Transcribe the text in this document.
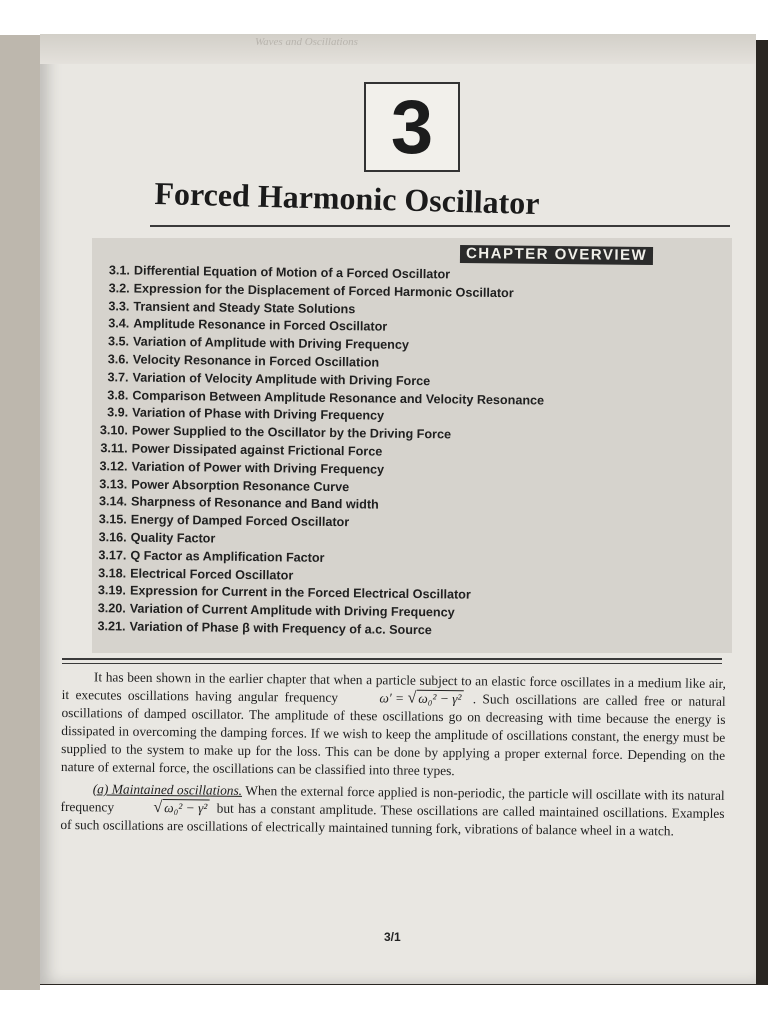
Waves and Oscillations
3
Forced Harmonic Oscillator
CHAPTER OVERVIEW
3.1. Differential Equation of Motion of a Forced Oscillator
3.2. Expression for the Displacement of Forced Harmonic Oscillator
3.3. Transient and Steady State Solutions
3.4. Amplitude Resonance in Forced Oscillator
3.5. Variation of Amplitude with Driving Frequency
3.6. Velocity Resonance in Forced Oscillation
3.7. Variation of Velocity Amplitude with Driving Force
3.8. Comparison Between Amplitude Resonance and Velocity Resonance
3.9. Variation of Phase with Driving Frequency
3.10. Power Supplied to the Oscillator by the Driving Force
3.11. Power Dissipated against Frictional Force
3.12. Variation of Power with Driving Frequency
3.13. Power Absorption Resonance Curve
3.14. Sharpness of Resonance and Band width
3.15. Energy of Damped Forced Oscillator
3.16. Quality Factor
3.17. Q Factor as Amplification Factor
3.18. Electrical Forced Oscillator
3.19. Expression for Current in the Forced Electrical Oscillator
3.20. Variation of Current Amplitude with Driving Frequency
3.21. Variation of Phase β with Frequency of a.c. Source

It has been shown in the earlier chapter that when a particle subject to an elastic force oscillates in a medium like air, it executes oscillations having angular frequency	ω′ = √ ω₀² − γ² . Such oscillations are called free or natural oscillations of damped oscillator. The amplitude of these oscillations go on decreasing with time because the energy is dissipated in overcoming the damping forces. If we wish to keep the amplitude of oscillations constant, the energy must be supplied to the system to make up for the loss. This can be done by applying a proper external force. Depending on the nature of external force, the oscillations can be classified into three types.

(a) Maintained oscillations. When the external force applied is non-periodic, the particle will oscillate with its natural frequency √ ω₀² − γ² but has a constant amplitude. These oscillations are called maintained oscillations. Examples of such oscillations are oscillations of electrically maintained tunning fork, vibrations of balance wheel in a watch.

3/1
